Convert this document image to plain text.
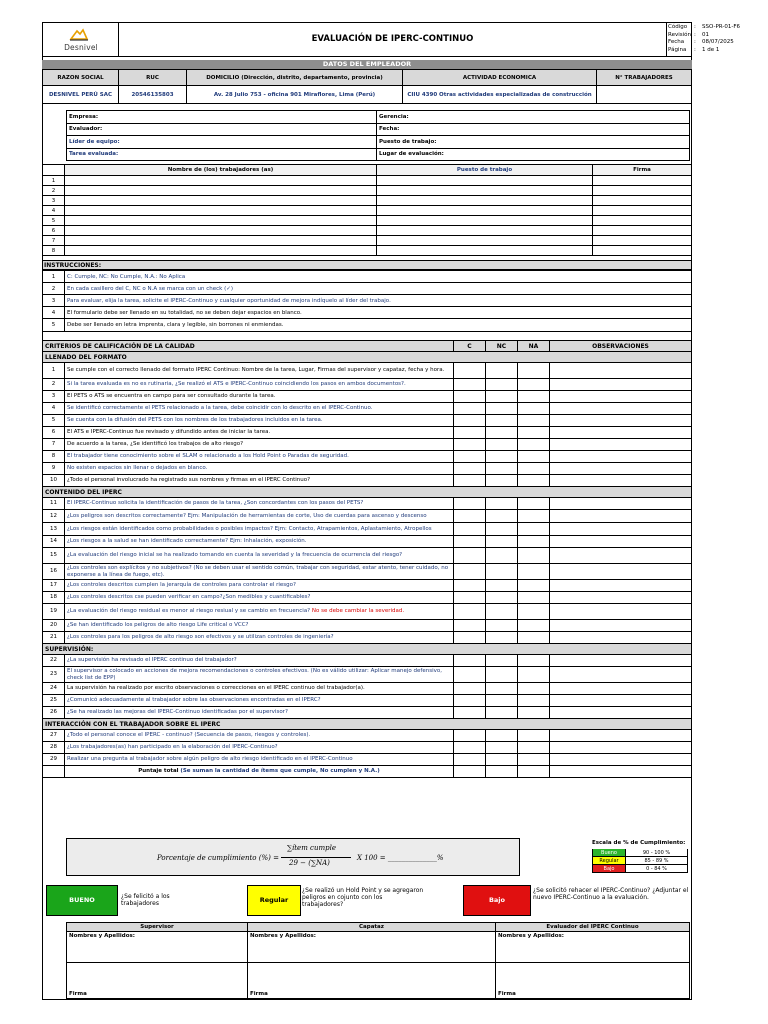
Desnivel
EVALUACIÓN DE IPERC-CONTINUO
Código	:	SSO-PR-01-F6
Revisión :	01
Fecha	:	08/07/2025
Página	:	1 de 1
DATOS DEL EMPLEADOR
RAZON SOCIAL	RUC	DOMICILIO (Dirección, distrito, departamento, provincia)	ACTIVIDAD ECONOMICA	N° TRABAJADORES
DESNIVEL PERÚ SAC	20546135803	Av. 28 Julio 753 - oficina 901 Miraflores, Lima (Perú)	CIIU 4390 Otras actividades especializadas de construcción	
Empresa:	Gerencia:
Evaluador:	Fecha:
Líder de equipo:	Puesto de trabajo:
Tarea evaluada:	Lugar de evaluación:
	Nombre de (los) trabajadores (as)	Puesto de trabajo	Firma
1			
2			
3			
4			
5			
6			
7			
8			
INSTRUCCIONES:
1	C: Cumple, NC: No Cumple, N.A.: No Aplica
2	En cada casillero del C, NC o N.A se marca con un check (✓)
3	Para evaluar, elija la tarea, solicite el IPERC-Continuo y cualquier oportunidad de mejora indíquelo al líder del trabajo.
4	El formulario debe ser llenado en su totalidad, no se deben dejar espacios en blanco.
5	Debe ser llenado en letra imprenta, clara y legible, sin borrones ni enmiendas.
CRITERIOS DE CALIFICACIÓN DE LA CALIDAD		C	NC	NA	OBSERVACIONES
LLENADO DEL FORMATO					
1	Se cumple con el correcto llenado del formato IPERC Continuo: Nombre de la tarea, Lugar, Firmas del supervisor y capataz, fecha y hora.				
2	Si la tarea evaluada es no es rutinaria, ¿Se realizó el ATS e IPERC-Continuo coincidiendo los pasos en ambos documentos?.				
3	El PETS o ATS se encuentra en campo para ser consultado durante la tarea.				
4	Se identificó correctamente el PETS relacionado a la tarea, debe coincidir con lo descrito en el IPERC-Continuo.				
5	Se cuenta con la difusión del PETS con los nombres de los trabajadores incluidos en la tarea.				
6	El ATS e IPERC-Continuo fue revisado y difundido antes de iniciar la tarea.				
7	De acuerdo a la tarea, ¿Se identificó los trabajos de alto riesgo?				
8	El trabajador tiene conocimiento sobre el SLAM o relacionado a los Hold Point o Paradas de seguridad.				
9	No existen espacios sin llenar o dejados en blanco.				
10	¿Todo el personal involucrado ha registrado sus nombres y firmas en el IPERC Continuo?				
CONTENIDO DEL IPERC					
11	El IPERC-Continuo solicita la identificación de pasos de la tarea, ¿Son concordantes con los pasos del PETS?				
12	¿Los peligros son descritos correctamente? Ejm: Manipulación de herramientas de corte, Uso de cuerdas para ascenso y descenso				
13	¿Los riesgos están identificados como probabilidades o posibles impactos? Ejm: Contacto, Atrapamientos, Aplastamiento, Atropellos				
14	¿Los riesgos a la salud se han identificado correctamente? Ejm: Inhalación, exposición.				
15	¿La evaluación del riesgo inicial se ha realizado tomando en cuenta la severidad y la frecuencia de ocurrencia del riesgo?				
16	¿Los controles son explícitos y no subjetivos? (No se deben usar el sentido común, trabajar con seguridad, estar atento, tener cuidado, no exponerse a la línea de fuego, etc).				
17	¿Los controles descritos cumplen la jerarquía de controles para controlar el riesgo?				
18	¿Los controles descritos cse pueden verificar en campo?¿Son medibles y cuantificables?				
19	¿La evaluación del riesgo residual es menor al riesgo resiual y se cambio en frecuencia? No se debe cambiar la severidad.				
20	¿Se han identificado los peligros de alto riesgo Life critical o VCC?				
21	¿Los controles para los peligros de alto riesgo son efectivos y se utilizan controles de ingeniería?				
SUPERVISIÓN:					
22	¿La supervisión ha revisado el IPERC continuo del trabajador?				
23	El supervisor a colocado en acciones de mejora recomendaciones o controles efectivos. (No es válido utilizar: Aplicar manejo defensivo, check list de EPP)				
24	La supervisión ha realizado por escrito observaciones o correcciones en el IPERC continuo del trabajador(a).				
25	¿Comunicó adecuadamente al trabajador sobre las observaciones encontradas en el IPERC?				
26	¿Se ha realizado las mejoras del IPERC-Continuo identificadas por el supervisor?				
INTERACCIÓN CON EL TRABAJADOR SOBRE EL IPERC					
27	¿Todo el personal conoce el IPERC - continuo? (Secuencia de pasos, riesgos y controles).				
28	¿Los trabajadores(as) han participado en la elaboración del IPERC-Continuo?				
29	Realizar una pregunta al trabajador sobre algún peligro de alto riesgo identificado en el IPERC-Continuo				
	Puntaje total (Se suman la cantidad de ítems que cumple, No cumplen y N.A.)				
Porcentaje de cumplimiento (%) =
∑ítem cumple
29 − (∑NA)
X 100 = ______________%
Escala de % de Cumplimiento:
Bueno	90 - 100 %
Regular	85 - 89 %
Bajo	0 - 84 %
BUENO	¿Se felicitó a los trabajadores	Regular
¿Se realizó un Hold Point y se agregaron peligros en cojunto con los trabajadores?
Bajo
¿Se solicitó rehacer el IPERC-Continuo? ¿Adjuntar el nuevo IPERC-Continuo a la evaluación.
Supervisor	Capataz	Evaluador del IPERC Continuo
Nombres y Apellidos:	Nombres y Apellidos:	Nombres y Apellidos:
Firma	Firma	Firma
